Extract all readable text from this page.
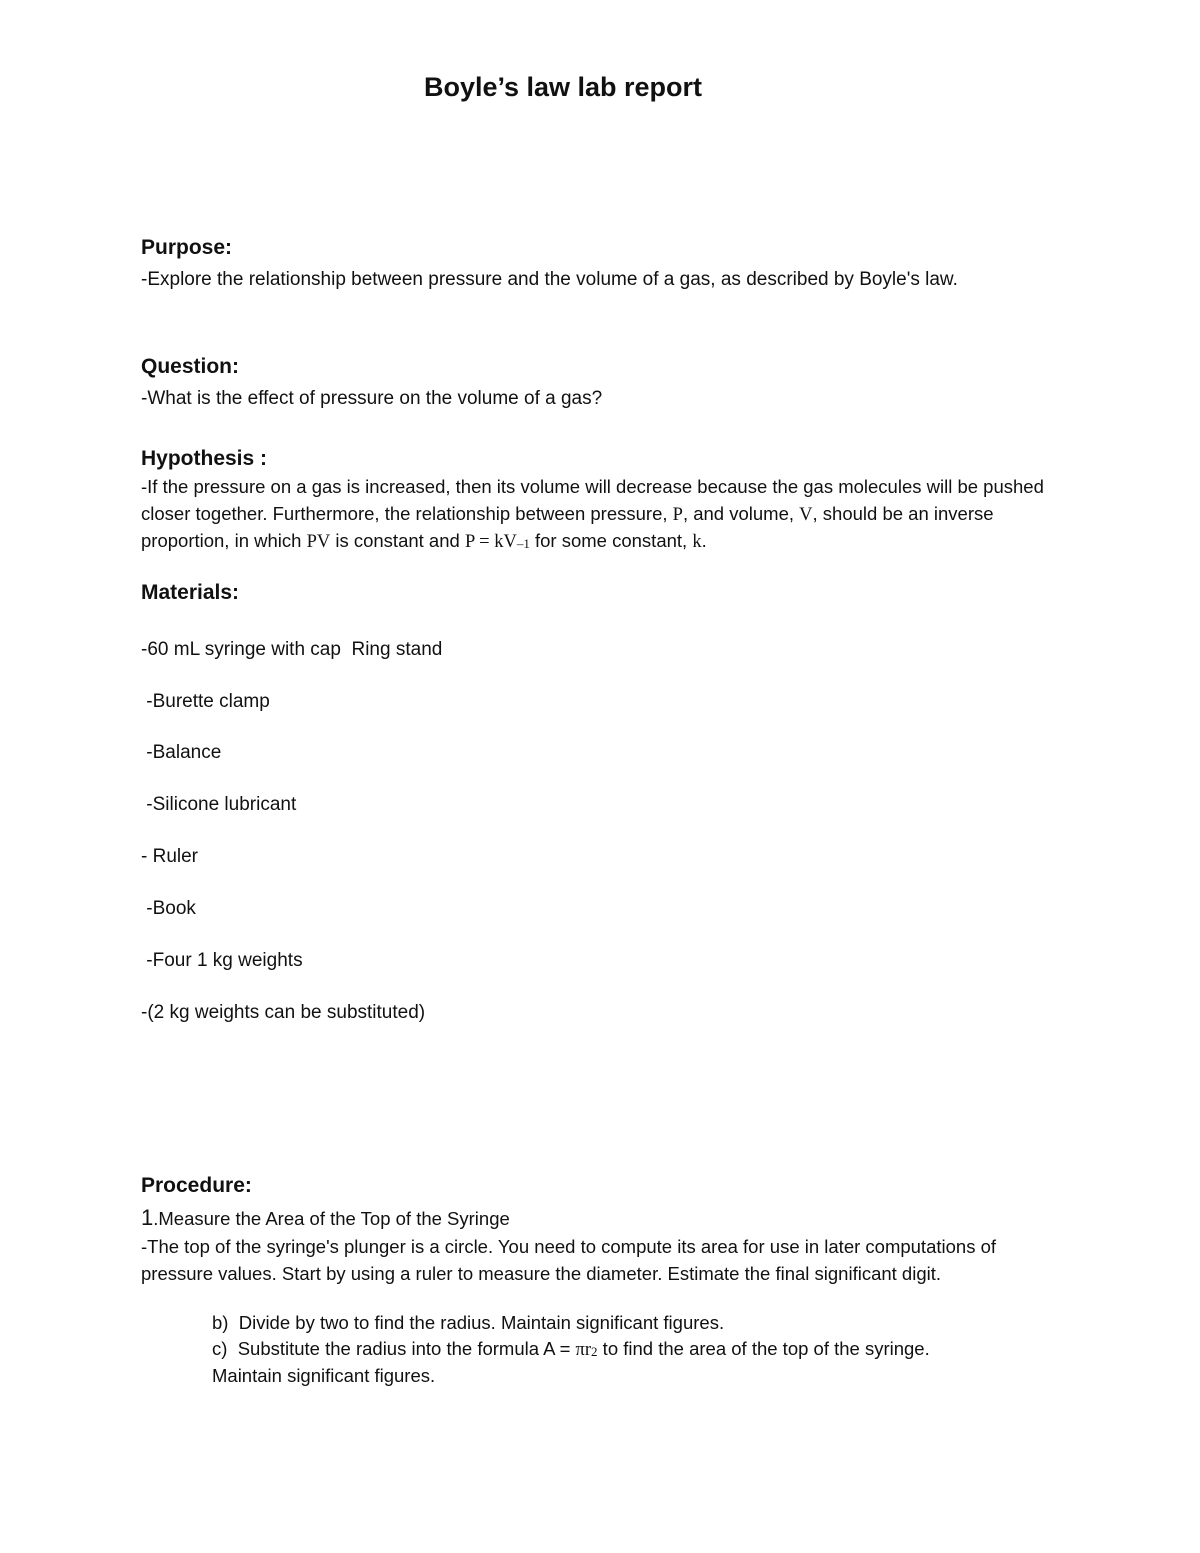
Boyle’s law lab report
Purpose:
-Explore the relationship between pressure and the volume of a gas, as described by Boyle's law.
Question:
-What is the effect of pressure on the volume of a gas?
Hypothesis :
-If the pressure on a gas is increased, then its volume will decrease because the gas molecules will be pushed closer together. Furthermore, the relationship between pressure, P, and volume, V, should be an inverse proportion, in which PV is constant and P = kV–1 for some constant, k.
Materials:
-60 mL syringe with cap  Ring stand
-Burette clamp
-Balance
-Silicone lubricant
- Ruler
-Book
-Four 1 kg weights
-(2 kg weights can be substituted)
Procedure:
1.Measure the Area of the Top of the Syringe
-The top of the syringe's plunger is a circle. You need to compute its area for use in later computations of pressure values. Start by using a ruler to measure the diameter. Estimate the final significant digit.
b)  Divide by two to find the radius. Maintain significant figures.
c)  Substitute the radius into the formula A = πr2 to find the area of the top of the syringe.
Maintain significant figures.
